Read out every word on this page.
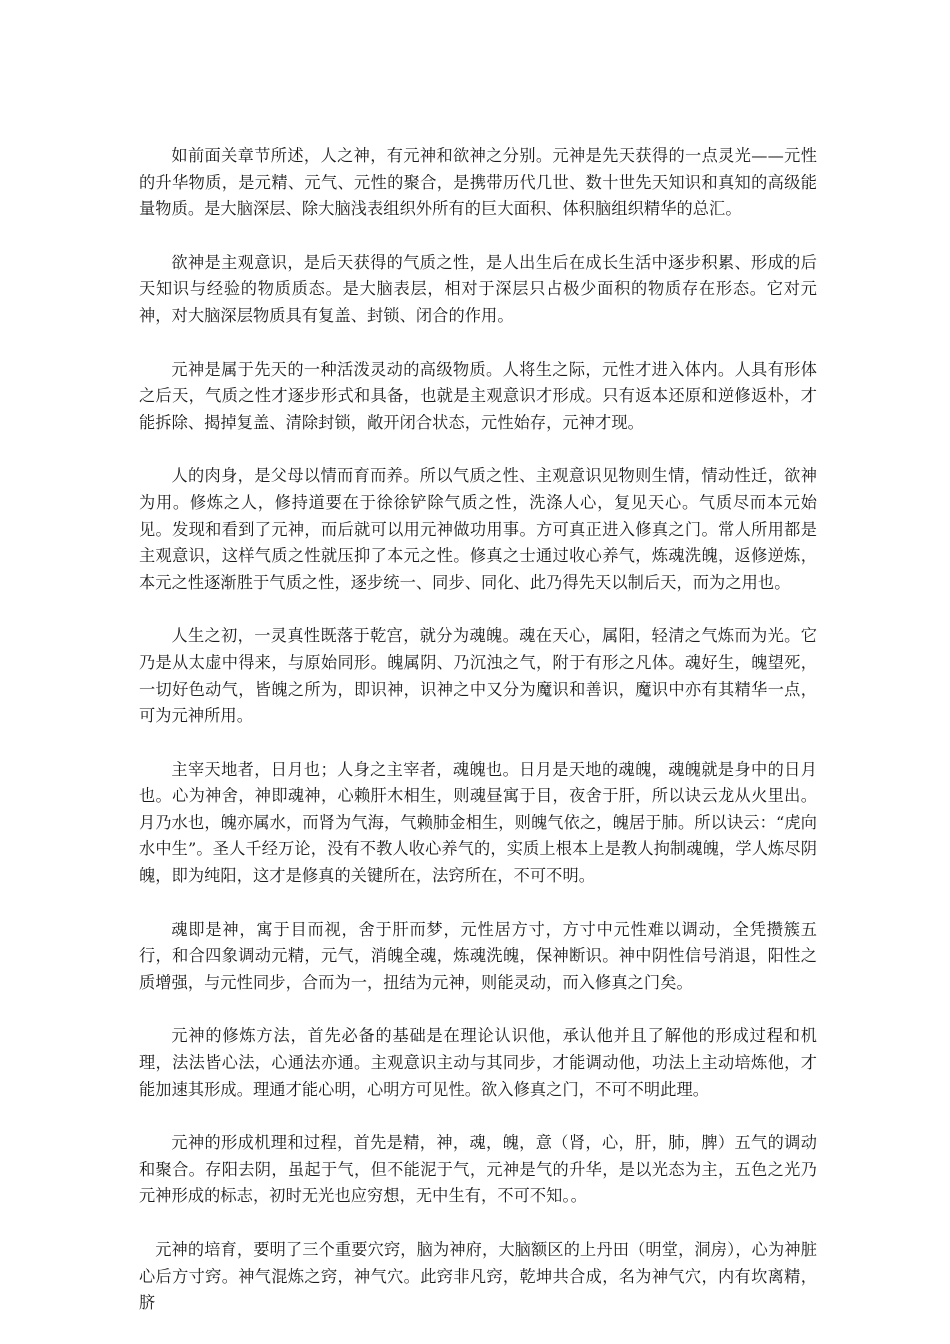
如前面关章节所述，人之神，有元神和欲神之分别。元神是先天获得的一点灵光——元性的升华物质，是元精、元气、元性的聚合，是携带历代几世、数十世先天知识和真知的高级能量物质。是大脑深层、除大脑浅表组织外所有的巨大面积、体积脑组织精华的总汇。

欲神是主观意识，是后天获得的气质之性，是人出生后在成长生活中逐步积累、形成的后天知识与经验的物质质态。是大脑表层，相对于深层只占极少面积的物质存在形态。它对元神，对大脑深层物质具有复盖、封锁、闭合的作用。

元神是属于先天的一种活泼灵动的高级物质。人将生之际，元性才进入体内。人具有形体之后天，气质之性才逐步形式和具备，也就是主观意识才形成。只有返本还原和逆修返朴，才能拆除、揭掉复盖、清除封锁，敞开闭合状态，元性始存，元神才现。

人的肉身，是父母以情而育而养。所以气质之性、主观意识见物则生情，情动性迁，欲神为用。修炼之人，修持道要在于徐徐铲除气质之性，洗涤人心，复见天心。气质尽而本元始见。发现和看到了元神，而后就可以用元神做功用事。方可真正进入修真之门。常人所用都是主观意识，这样气质之性就压抑了本元之性。修真之士通过收心养气，炼魂洗魄，返修逆炼，本元之性逐渐胜于气质之性，逐步统一、同步、同化、此乃得先天以制后天，而为之用也。

人生之初，一灵真性既落于乾宫，就分为魂魄。魂在天心，属阳，轻清之气炼而为光。它乃是从太虚中得来，与原始同形。魄属阴、乃沉浊之气，附于有形之凡体。魂好生，魄望死，一切好色动气，皆魄之所为，即识神，识神之中又分为魔识和善识，魔识中亦有其精华一点，可为元神所用。

主宰天地者，日月也；人身之主宰者，魂魄也。日月是天地的魂魄，魂魄就是身中的日月也。心为神舍，神即魂神，心赖肝木相生，则魂昼寓于目，夜舍于肝，所以诀云龙从火里出。月乃水也，魄亦属水，而肾为气海，气赖肺金相生，则魄气依之，魄居于肺。所以诀云：“虎向水中生”。圣人千经万论，没有不教人收心养气的，实质上根本上是教人拘制魂魄，学人炼尽阴魄，即为纯阳，这才是修真的关键所在，法窍所在，不可不明。

魂即是神，寓于目而视，舍于肝而梦，元性居方寸，方寸中元性难以调动，全凭攒簇五行，和合四象调动元精，元气，消魄全魂，炼魂洗魄，保神断识。神中阴性信号消退，阳性之质增强，与元性同步，合而为一，扭结为元神，则能灵动，而入修真之门矣。

元神的修炼方法，首先必备的基础是在理论认识他，承认他并且了解他的形成过程和机理，法法皆心法，心通法亦通。主观意识主动与其同步，才能调动他，功法上主动培炼他，才能加速其形成。理通才能心明，心明方可见性。欲入修真之门，不可不明此理。

元神的形成机理和过程，首先是精，神，魂，魄，意（肾，心，肝，肺，脾）五气的调动和聚合。存阳去阴，虽起于气，但不能泥于气，元神是气的升华，是以光态为主，五色之光乃元神形成的标志，初时无光也应穷想，无中生有，不可不知。。

元神的培育，要明了三个重要穴窍，脑为神府，大脑额区的上丹田（明堂，洞房），心为神脏心后方寸窍。神气混炼之窍，神气穴。此窍非凡窍，乾坤共合成，名为神气穴，内有坎离精，脐
